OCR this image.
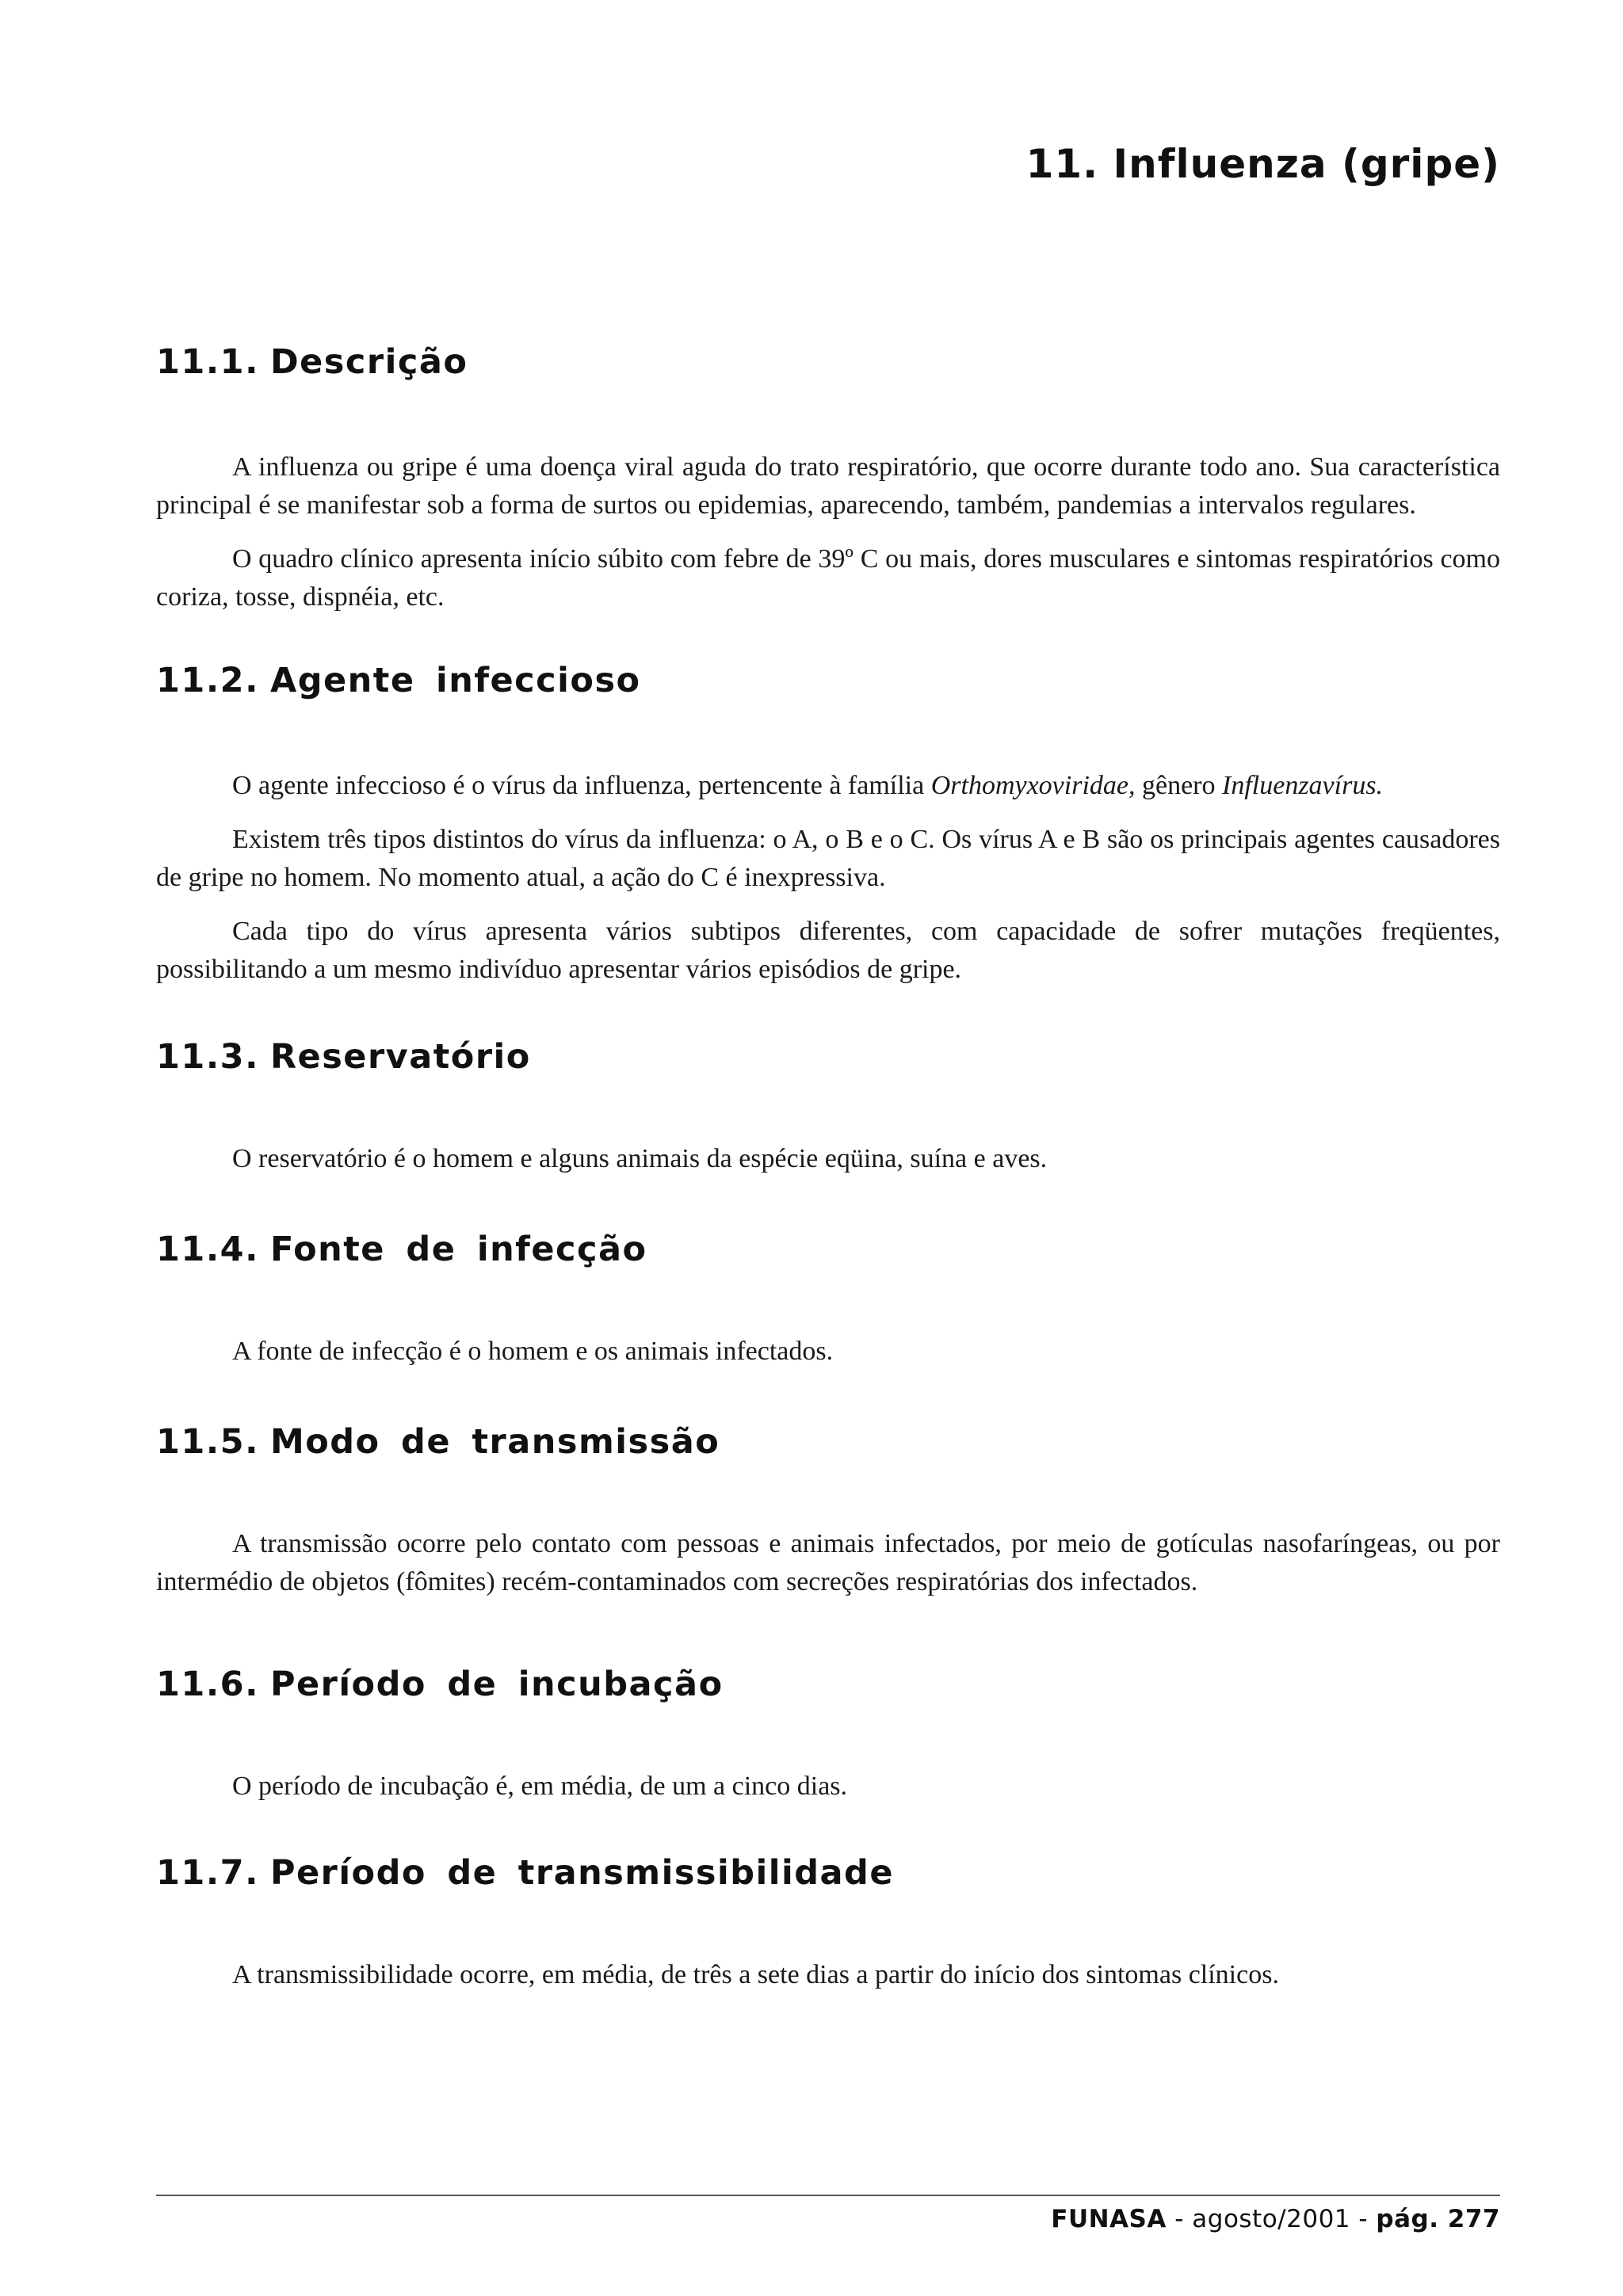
11. Influenza (gripe)
11.1. Descrição

A influenza ou gripe é uma doença viral aguda do trato respiratório, que ocorre durante todo ano. Sua característica principal é se manifestar sob a forma de surtos ou epidemias, aparecendo, também, pandemias a intervalos regulares.

O quadro clínico apresenta início súbito com febre de 39º C ou mais, dores musculares e sintomas respiratórios como coriza, tosse, dispnéia, etc.

11.2. Agente infeccioso

O agente infeccioso é o vírus da influenza, pertencente à família Orthomyxoviridae, gênero Influenzavírus.

Existem três tipos distintos do vírus da influenza: o A, o B e o C. Os vírus A e B são os principais agentes causadores de gripe no homem. No momento atual, a ação do C é inexpressiva.

Cada tipo do vírus apresenta vários subtipos diferentes, com capacidade de sofrer mutações freqüentes, possibilitando a um mesmo indivíduo apresentar vários episódios de gripe.

11.3. Reservatório

O reservatório é o homem e alguns animais da espécie eqüina, suína e aves.

11.4. Fonte de infecção

A fonte de infecção é o homem e os animais infectados.

11.5. Modo de transmissão

A transmissão ocorre pelo contato com pessoas e animais infectados, por meio de gotículas nasofaríngeas, ou por intermédio de objetos (fômites) recém-contaminados com secreções respiratórias dos infectados.

11.6. Período de incubação

O período de incubação é, em média, de um a cinco dias.

11.7. Período de transmissibilidade

A transmissibilidade ocorre, em média, de três a sete dias a partir do início dos sintomas clínicos.

FUNASA - agosto/2001 - pág. 277
